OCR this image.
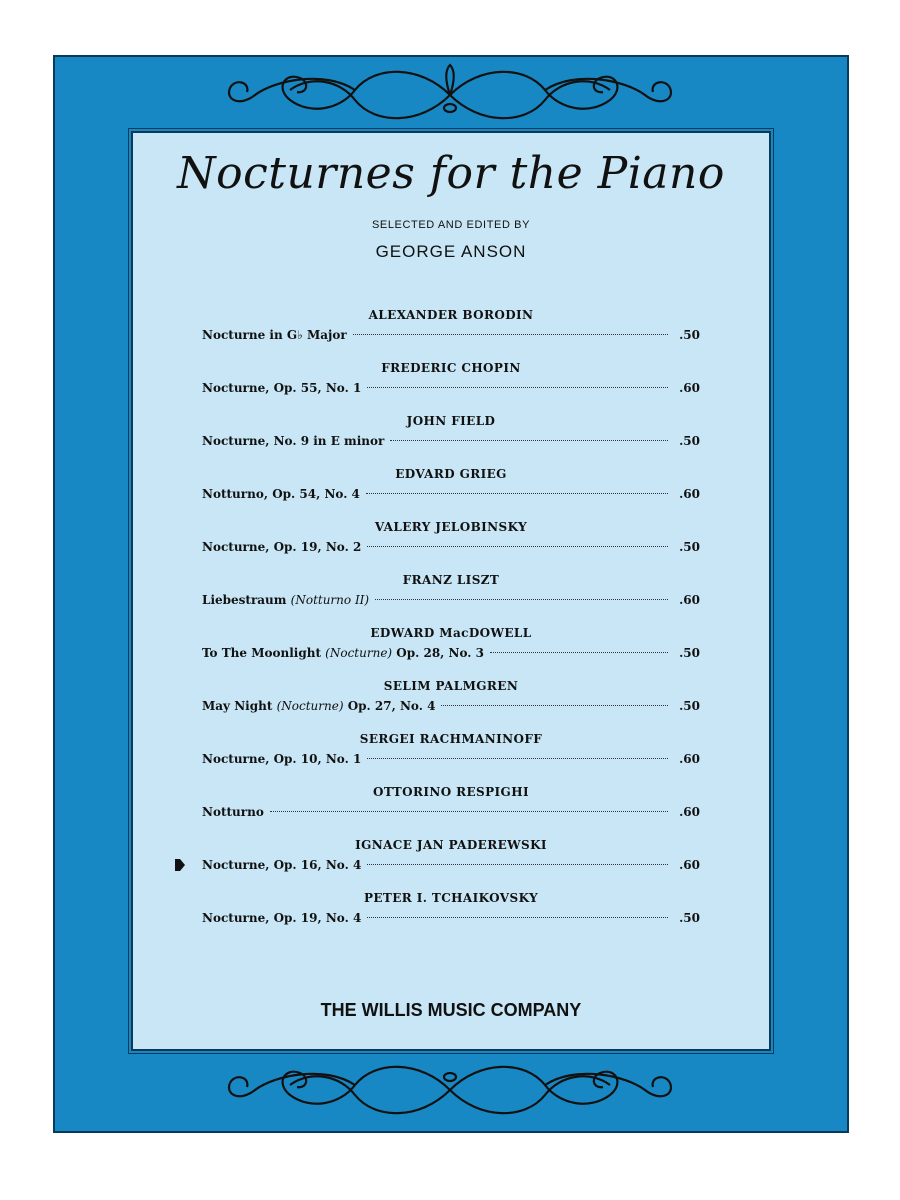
Nocturnes for the Piano
SELECTED AND EDITED BY
GEORGE ANSON
ALEXANDER BORODIN
Nocturne in G♭ Major	.50
FREDERIC CHOPIN
Nocturne, Op. 55, No. 1	.60
JOHN FIELD
Nocturne, No. 9 in E minor	.50
EDVARD GRIEG
Notturno, Op. 54, No. 4	.60
VALERY JELOBINSKY
Nocturne, Op. 19, No. 2	.50
FRANZ LISZT
Liebestraum (Notturno II)	.60
EDWARD MacDOWELL
To The Moonlight (Nocturne) Op. 28, No. 3	.50
SELIM PALMGREN
May Night (Nocturne) Op. 27, No. 4	.50
SERGEI RACHMANINOFF
Nocturne, Op. 10, No. 1	.60
OTTORINO RESPIGHI
Notturno	.60
IGNACE JAN PADEREWSKI
Nocturne, Op. 16, No. 4	.60
PETER I. TCHAIKOVSKY
Nocturne, Op. 19, No. 4	.50
THE WILLIS MUSIC COMPANY
